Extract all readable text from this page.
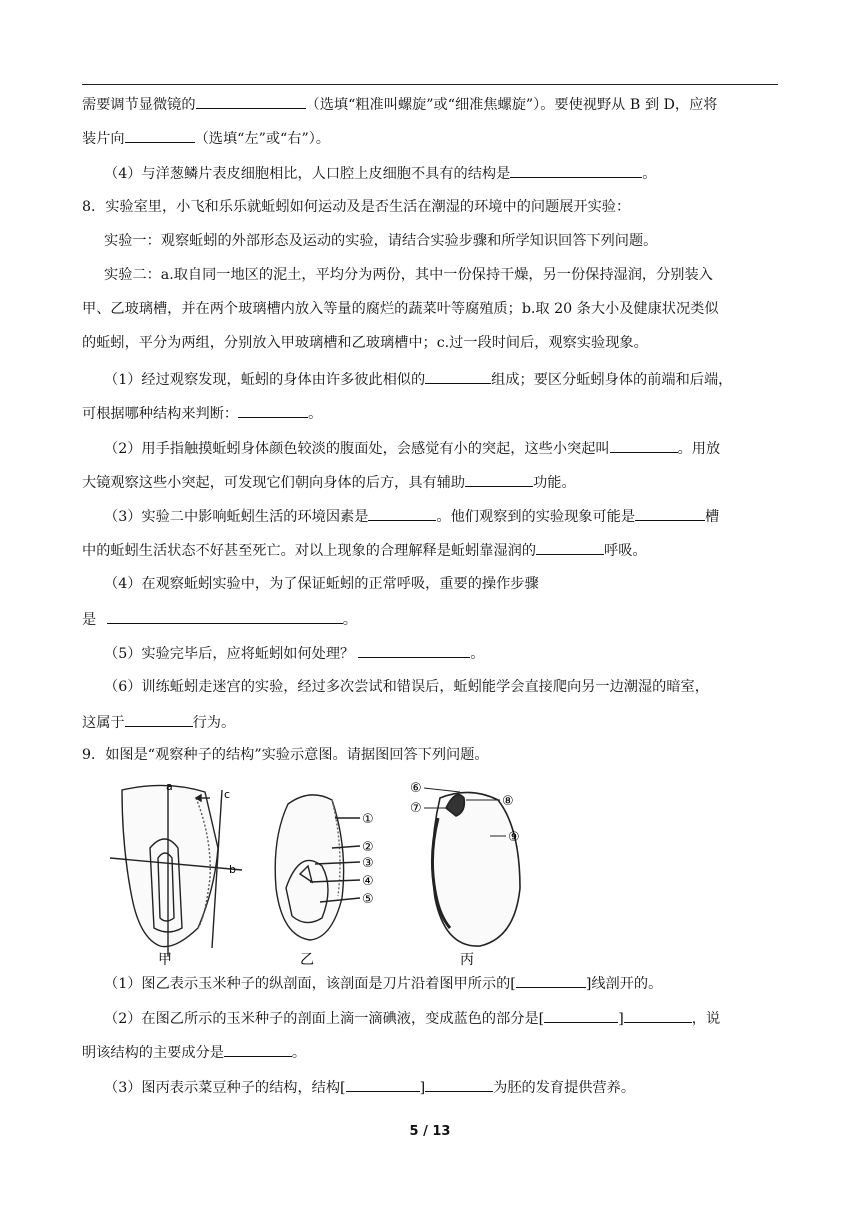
需要调节显微镜的	（选填“粗准叫螺旋”或“细准焦螺旋”）。要使视野从 B 到 D，应将
装片向	（选填“左”或“右”）。
（4）与洋葱鳞片表皮细胞相比，人口腔上皮细胞不具有的结构是	。
8．实验室里，小飞和乐乐就蚯蚓如何运动及是否生活在潮湿的环境中的问题展开实验：
实验一：观察蚯蚓的外部形态及运动的实验，请结合实验步骤和所学知识回答下列问题。
实验二：a.取自同一地区的泥土，平均分为两份，其中一份保持干燥，另一份保持湿润，分别装入
甲、乙玻璃槽，并在两个玻璃槽内放入等量的腐烂的蔬菜叶等腐殖质；b.取 20 条大小及健康状况类似
的蚯蚓，平分为两组，分别放入甲玻璃槽和乙玻璃槽中；c.过一段时间后，观察实验现象。
（1）经过观察发现，蚯蚓的身体由许多彼此相似的	组成；要区分蚯蚓身体的前端和后端，
可根据哪种结构来判断：	。
（2）用手指触摸蚯蚓身体颜色较淡的腹面处，会感觉有小的突起，这些小突起叫	。用放
大镜观察这些小突起，可发现它们朝向身体的后方，具有辅助	功能。
（3）实验二中影响蚯蚓生活的环境因素是	。他们观察到的实验现象可能是	槽
中的蚯蚓生活状态不好甚至死亡。对以上现象的合理解释是蚯蚓靠湿润的	呼吸。
（4）在观察蚯蚓实验中，为了保证蚯蚓的正常呼吸，重要的操作步骤
是	。
（5）实验完毕后，应将蚯蚓如何处理？	。
（6）训练蚯蚓走迷宫的实验，经过多次尝试和错误后，蚯蚓能学会直接爬向另一边潮湿的暗室，
这属于	行为。
9．如图是“观察种子的结构”实验示意图。请据图回答下列问题。
a
b
c
甲
①
②
③
④
⑤
乙
⑥
⑦	⑧
⑨
丙
（1）图乙表示玉米种子的纵剖面，该剖面是刀片沿着图甲所示的[	]线剖开的。
（2）在图乙所示的玉米种子的剖面上滴一滴碘液，变成蓝色的部分是[	]	，说
明该结构的主要成分是	。
（3）图丙表示菜豆种子的结构，结构[	]	为胚的发育提供营养。
5 / 13
